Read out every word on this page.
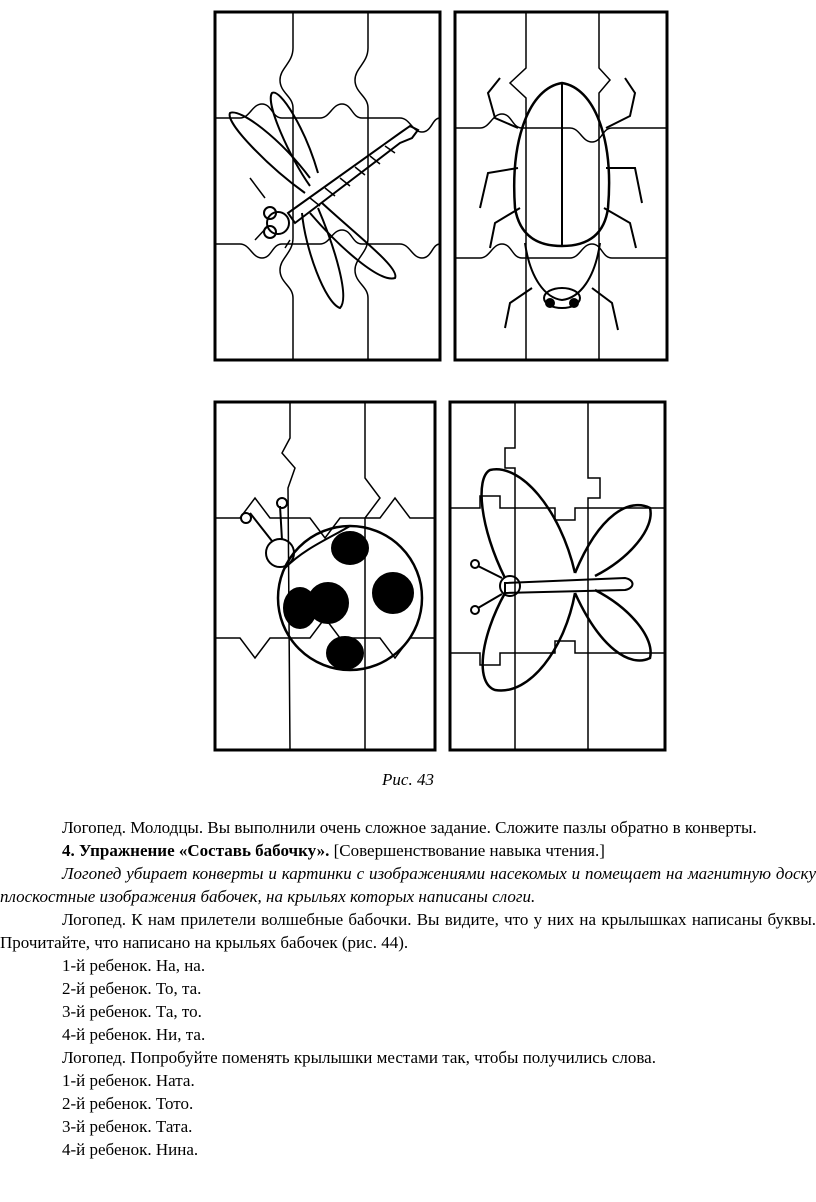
Рис. 43

Логопед. Молодцы. Вы выполнили очень сложное задание. Сложите пазлы обратно в конверты.

4. Упражнение «Составь бабочку». [Совершенствование навыка чтения.]

Логопед убирает конверты и картинки с изображениями насекомых и помещает на магнитную доску плоскостные изображения бабочек, на крыльях которых написаны слоги.

Логопед. К нам прилетели волшебные бабочки. Вы видите, что у них на крылышках написаны буквы. Прочитайте, что написано на крыльях бабочек (рис. 44).

1-й ребенок. На, на.

2-й ребенок. То, та.

3-й ребенок. Та, то.

4-й ребенок. Ни, та.

Логопед. Попробуйте поменять крылышки местами так, чтобы получились слова.

1-й ребенок. Ната.

2-й ребенок. Тото.

3-й ребенок. Тата.

4-й ребенок. Нина.
